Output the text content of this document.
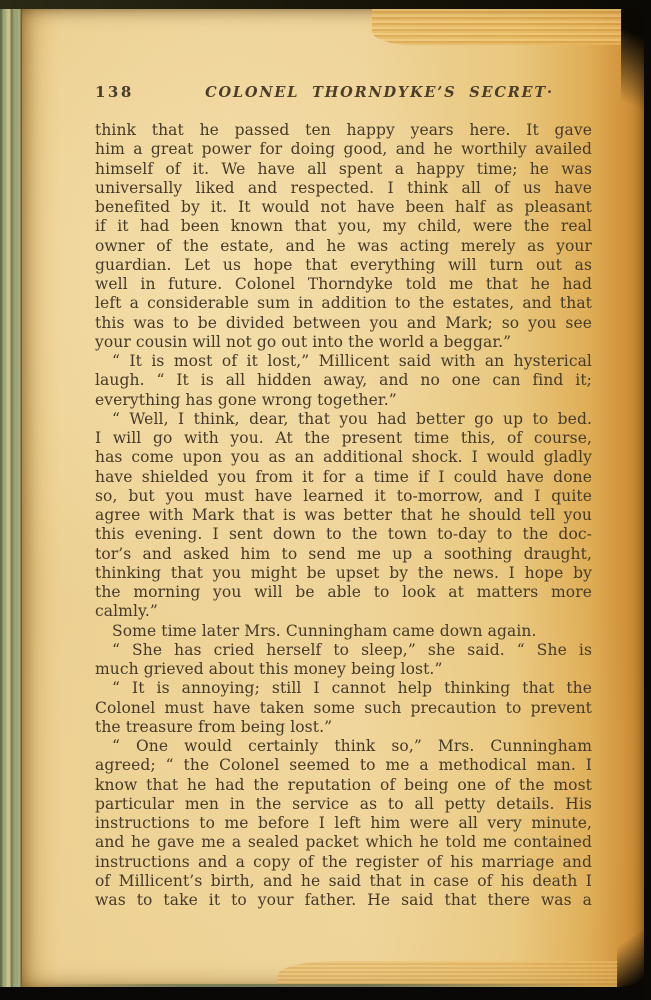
138	COLONEL THORNDYKE’S SECRET·
think that he passed ten happy years here. It gave
him a great power for doing good, and he worthily availed
himself of it. We have all spent a happy time; he was
universally liked and respected. I think all of us have
benefited by it. It would not have been half as pleasant
if it had been known that you, my child, were the real
owner of the estate, and he was acting merely as your
guardian. Let us hope that everything will turn out as
well in future. Colonel Thorndyke told me that he had
left a considerable sum in addition to the estates, and that
this was to be divided between you and Mark; so you see
your cousin will not go out into the world a beggar.”
“ It is most of it lost,” Millicent said with an hysterical
laugh. “ It is all hidden away, and no one can find it;
everything has gone wrong together.”
“ Well, I think, dear, that you had better go up to bed.
I will go with you. At the present time this, of course,
has come upon you as an additional shock. I would gladly
have shielded you from it for a time if I could have done
so, but you must have learned it to-morrow, and I quite
agree with Mark that is was better that he should tell you
this evening. I sent down to the town to-day to the doc-
tor’s and asked him to send me up a soothing draught,
thinking that you might be upset by the news. I hope by
the morning you will be able to look at matters more
calmly.”
Some time later Mrs. Cunningham came down again.
“ She has cried herself to sleep,” she said. “ She is
much grieved about this money being lost.”
“ It is annoying; still I cannot help thinking that the
Colonel must have taken some such precaution to prevent
the treasure from being lost.”
“ One would certainly think so,” Mrs. Cunningham
agreed; “ the Colonel seemed to me a methodical man. I
know that he had the reputation of being one of the most
particular men in the service as to all petty details. His
instructions to me before I left him were all very minute,
and he gave me a sealed packet which he told me contained
instructions and a copy of the register of his marriage and
of Millicent’s birth, and he said that in case of his death I
was to take it to your father. He said that there was a
